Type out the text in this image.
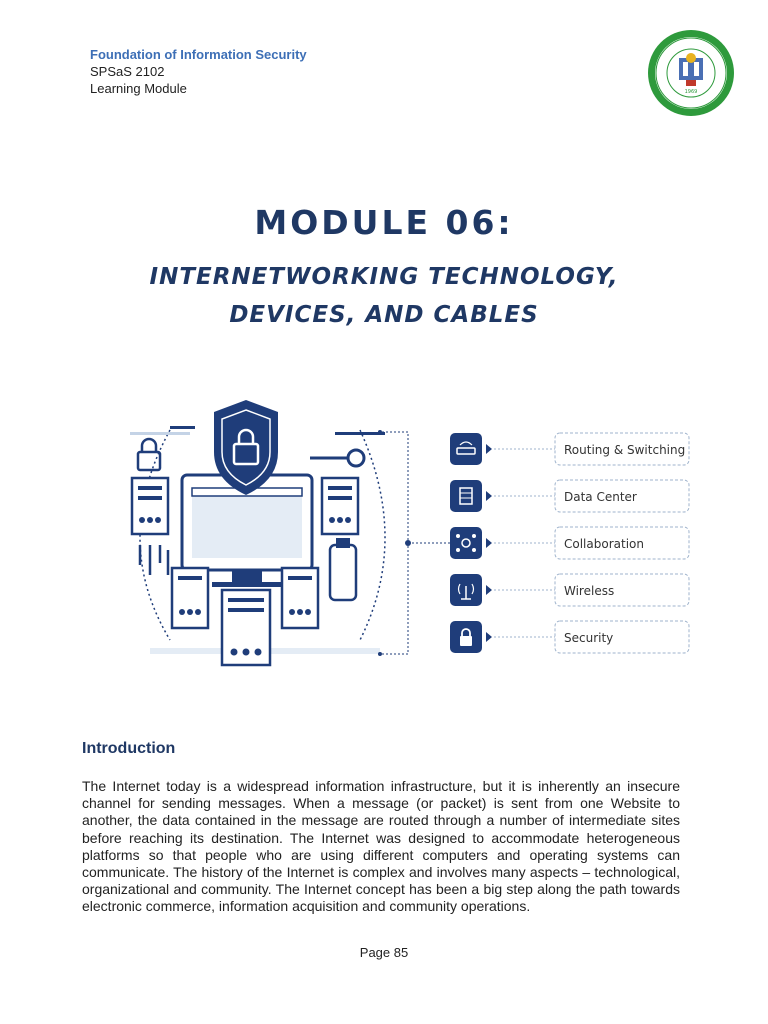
Foundation of Information Security
SPSaS 2102
Learning Module	1969
MODULE 06:
INTERNETWORKING TECHNOLOGY,
DEVICES, AND CABLES
Routing & Switching
Data Center
Collaboration
Wireless
Security
Introduction

The Internet today is a widespread information infrastructure, but it is inherently an insecure channel for sending messages. When a message (or packet) is sent from one Website to another, the data contained in the message are routed through a number of intermediate sites before reaching its destination. The Internet was designed to accommodate heterogeneous platforms so that people who are using different computers and operating systems can communicate. The history of the Internet is complex and involves many aspects – technological, organizational and community. The Internet concept has been a big step along the path towards electronic commerce, information acquisition and community operations.

Page 85
